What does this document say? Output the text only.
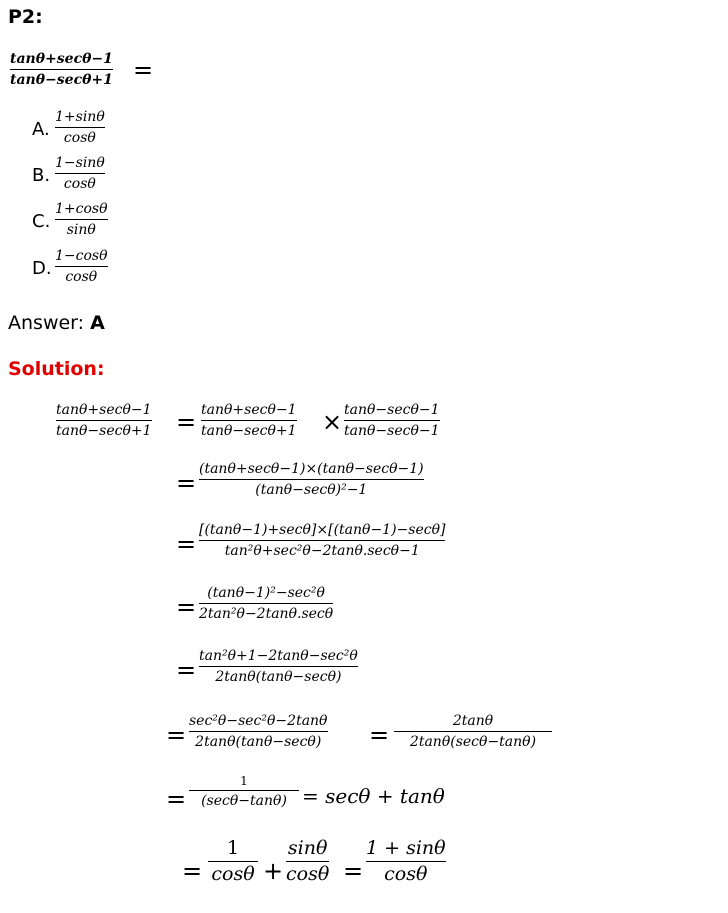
P2:
tanθ+secθ−1
tanθ−secθ+1 =
A.
1+sinθ
cosθ
B.
1−sinθ
cosθ
C.
1+cosθ
sinθ
D.
1−cosθ
cosθ
Answer: A
Solution:
tanθ+secθ−1
tanθ−secθ+1 = tanθ+secθ−1
tanθ−secθ+1 × tanθ−secθ−1
tanθ−secθ−1
= (tanθ+secθ−1)×(tanθ−secθ−1)
(tanθ−secθ)²−1
= [(tanθ−1)+secθ]×[(tanθ−1)−secθ]
tan²θ+sec²θ−2tanθ.secθ−1
= (tanθ−1)²−sec²θ
2tan²θ−2tanθ.secθ
= tan²θ+1−2tanθ−sec²θ
2tanθ(tanθ−secθ)
= sec²θ−sec²θ−2tanθ
2tanθ(tanθ−secθ) =	2tanθ
2tanθ(secθ−tanθ)
=
1
(secθ−tanθ) = secθ + tanθ
=
1
cosθ +
sinθ
cosθ =
1 + sinθ
cosθ
